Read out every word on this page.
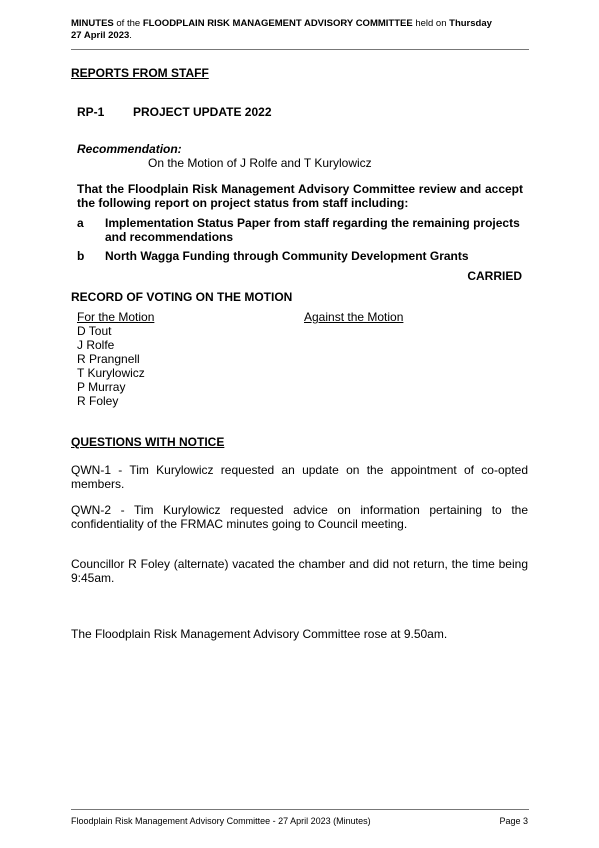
MINUTES of the FLOODPLAIN RISK MANAGEMENT ADVISORY COMMITTEE held on Thursday
27 April 2023.
REPORTS FROM STAFF
RP-1 PROJECT UPDATE 2022
Recommendation:
On the Motion of J Rolfe and T Kurylowicz
That the Floodplain Risk Management Advisory Committee review and accept the following report on project status from staff including:
a Implementation Status Paper from staff regarding the remaining projects and recommendations
b North Wagga Funding through Community Development Grants
CARRIED
RECORD OF VOTING ON THE MOTION
For the Motion	Against the Motion
D Tout
J Rolfe
R Prangnell
T Kurylowicz
P Murray
R Foley
QUESTIONS WITH NOTICE
QWN-1 - Tim Kurylowicz requested an update on the appointment of co-opted members.
QWN-2 - Tim Kurylowicz requested advice on information pertaining to the confidentiality of the FRMAC minutes going to Council meeting.
Councillor R Foley (alternate) vacated the chamber and did not return, the time being 9:45am.
The Floodplain Risk Management Advisory Committee rose at 9.50am.
Floodplain Risk Management Advisory Committee - 27 April 2023 (Minutes)	Page 3
